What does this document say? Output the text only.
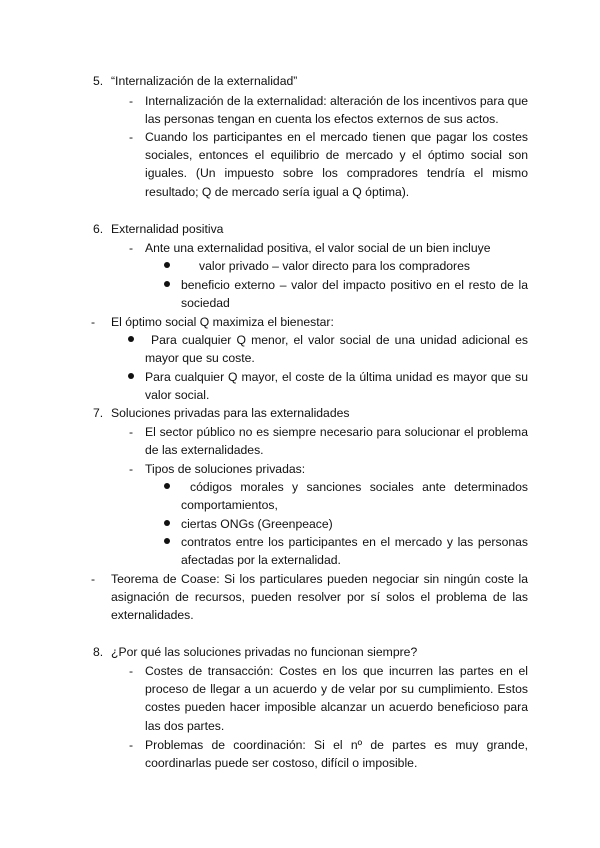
5. “Internalización de la externalidad”
- Internalización de la externalidad: alteración de los incentivos para que las personas tengan en cuenta los efectos externos de sus actos.
- Cuando los participantes en el mercado tienen que pagar los costes sociales, entonces el equilibrio de mercado y el óptimo social son iguales. (Un impuesto sobre los compradores tendría el mismo resultado; Q de mercado sería igual a Q óptima).
6. Externalidad positiva
- Ante una externalidad positiva, el valor social de un bien incluye
valor privado – valor directo para los compradores
beneficio externo – valor del impacto positivo en el resto de la sociedad
- El óptimo social Q maximiza el bienestar:
Para cualquier Q menor, el valor social de una unidad adicional es mayor que su coste.
Para cualquier Q mayor, el coste de la última unidad es mayor que su valor social.
7. Soluciones privadas para las externalidades
- El sector público no es siempre necesario para solucionar el problema de las externalidades.
- Tipos de soluciones privadas:
códigos morales y sanciones sociales ante determinados comportamientos,
ciertas ONGs (Greenpeace)
contratos entre los participantes en el mercado y las personas afectadas por la externalidad.
- Teorema de Coase: Si los particulares pueden negociar sin ningún coste la asignación de recursos, pueden resolver por sí solos el problema de las externalidades.
8. ¿Por qué las soluciones privadas no funcionan siempre?
- Costes de transacción: Costes en los que incurren las partes en el proceso de llegar a un acuerdo y de velar por su cumplimiento. Estos costes pueden hacer imposible alcanzar un acuerdo beneficioso para las dos partes.
- Problemas de coordinación: Si el nº de partes es muy grande, coordinarlas puede ser costoso, difícil o imposible.
